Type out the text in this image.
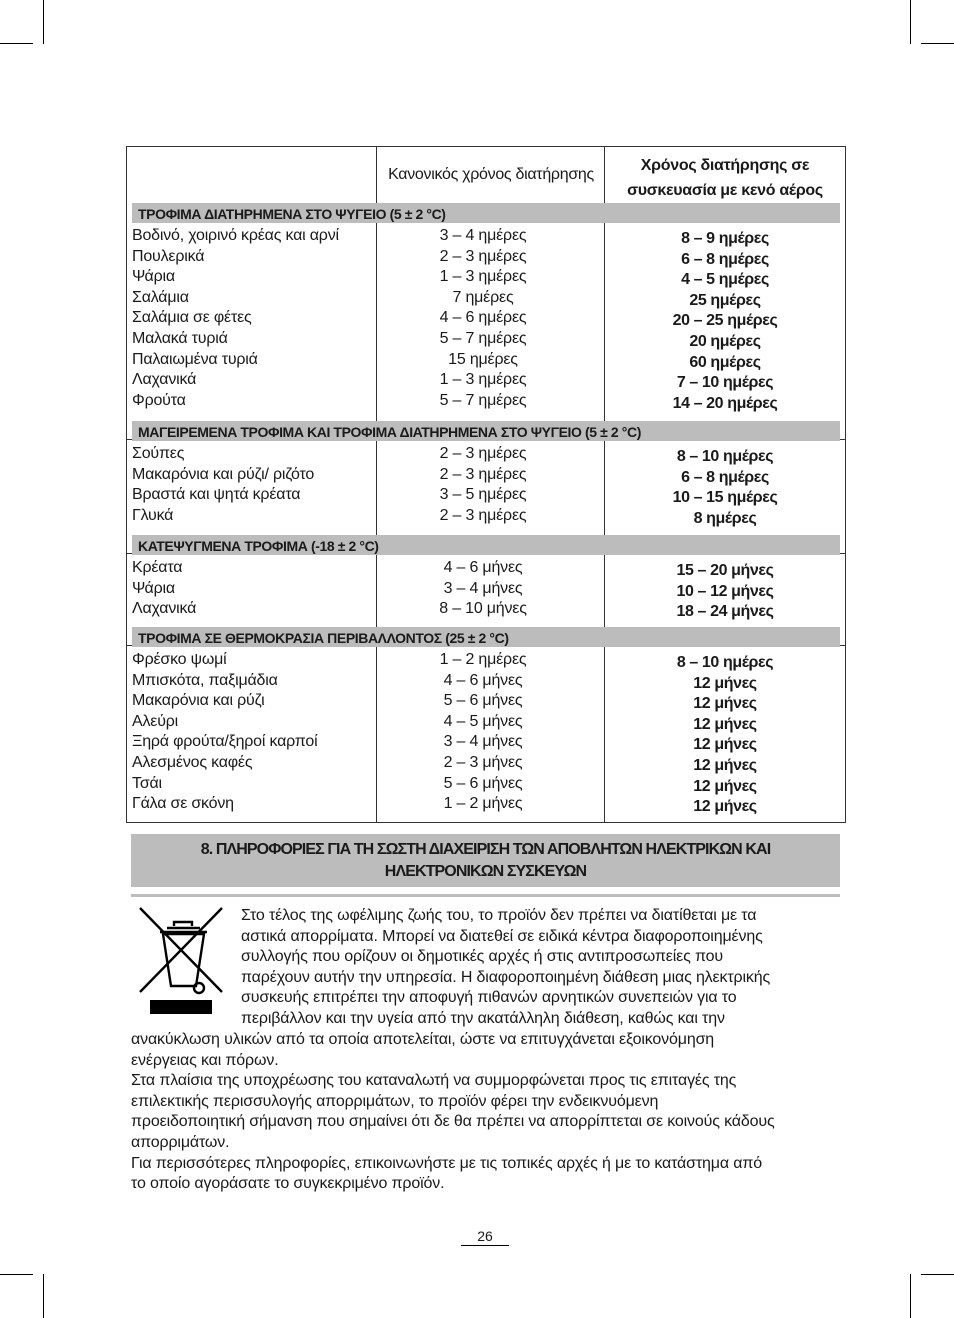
Κανονικός χρόνος διατήρησης
Χρόνος διατήρησης σε
συσκευασία με κενό αέρος
ΤΡΟΦΙΜΑ ΔΙΑΤΗΡΗΜΕΝΑ ΣΤΟ ΨΥΓΕΙΟ (5 ± 2 °C)
Βοδινό, χοιρινό κρέας και αρνί
Πουλερικά
Ψάρια
Σαλάμια
Σαλάμια σε φέτες
Μαλακά τυριά
Παλαιωμένα τυριά
Λαχανικά
Φρούτα
3 – 4 ημέρες
2 – 3 ημέρες
1 – 3 ημέρες
7 ημέρες
4 – 6 ημέρες
5 – 7 ημέρες
15 ημέρες
1 – 3 ημέρες
5 – 7 ημέρες
8 – 9 ημέρες
6 – 8 ημέρες
4 – 5 ημέρες
25 ημέρες
20 – 25 ημέρες
20 ημέρες
60 ημέρες
7 – 10 ημέρες
14 – 20 ημέρες
ΜΑΓΕΙΡΕΜΕΝΑ ΤΡΟΦΙΜΑ ΚΑΙ ΤΡΟΦΙΜΑ ΔΙΑΤΗΡΗΜΕΝΑ ΣΤΟ ΨΥΓΕΙΟ (5 ± 2 °C)
Σούπες
Μακαρόνια και ρύζι/ ριζότο
Βραστά και ψητά κρέατα
Γλυκά
2 – 3 ημέρες
2 – 3 ημέρες
3 – 5 ημέρες
2 – 3 ημέρες
8 – 10 ημέρες
6 – 8 ημέρες
10 – 15 ημέρες
8 ημέρες
ΚΑΤΕΨΥΓΜΕΝΑ ΤΡΟΦΙΜΑ (-18 ± 2 °C)
Κρέατα
Ψάρια
Λαχανικά
4 – 6 μήνες
3 – 4 μήνες
8 – 10 μήνες
15 – 20 μήνες
10 – 12 μήνες
18 – 24 μήνες
ΤΡΟΦΙΜΑ ΣΕ ΘΕΡΜΟΚΡΑΣΙΑ ΠΕΡΙΒΑΛΛΟΝΤΟΣ (25 ± 2 °C)
Φρέσκο ψωμί
Μπισκότα, παξιμάδια
Μακαρόνια και ρύζι
Αλεύρι
Ξηρά φρούτα/ξηροί καρποί
Αλεσμένος καφές
Τσάι
Γάλα σε σκόνη
1 – 2 ημέρες
4 – 6 μήνες
5 – 6 μήνες
4 – 5 μήνες
3 – 4 μήνες
2 – 3 μήνες
5 – 6 μήνες
1 – 2 μήνες
8 – 10 ημέρες
12 μήνες
12 μήνες
12 μήνες
12 μήνες
12 μήνες
12 μήνες
12 μήνες
8. ΠΛΗΡΟΦΟΡΙΕΣ ΓΙΑ ΤΗ ΣΩΣΤΗ ΔΙΑΧΕΙΡΙΣΗ ΤΩΝ ΑΠΟΒΛΗΤΩΝ ΗΛΕΚΤΡΙΚΩΝ ΚΑΙ
ΗΛΕΚΤΡΟΝΙΚΩΝ ΣΥΣΚΕΥΩΝ
Στο τέλος της ωφέλιμης ζωής του, το προϊόν δεν πρέπει να διατίθεται με τα
αστικά απορρίματα. Μπορεί να διατεθεί σε ειδικά κέντρα διαφοροποιημένης
συλλογής που ορίζουν οι δημοτικές αρχές ή στις αντιπροσωπείες που
παρέχουν αυτήν την υπηρεσία. Η διαφοροποιημένη διάθεση μιας ηλεκτρικής
συσκευής επιτρέπει την αποφυγή πιθανών αρνητικών συνεπειών για το
περιβάλλον και την υγεία από την ακατάλληλη διάθεση, καθώς και την
ανακύκλωση υλικών από τα οποία αποτελείται, ώστε να επιτυγχάνεται εξοικονόμηση
ενέργειας και πόρων.
Στα πλαίσια της υποχρέωσης του καταναλωτή να συμμορφώνεται προς τις επιταγές της
επιλεκτικής περισσυλογής απορριμάτων, το προϊόν φέρει την ενδεικνυόμενη
προειδοποιητική σήμανση που σημαίνει ότι δε θα πρέπει να απορρίπτεται σε κοινούς κάδους
απορριμάτων.
Για περισσότερες πληροφορίες, επικοινωνήστε με τις τοπικές αρχές ή με το κατάστημα από
το οποίο αγοράσατε το συγκεκριμένο προϊόν.
26
